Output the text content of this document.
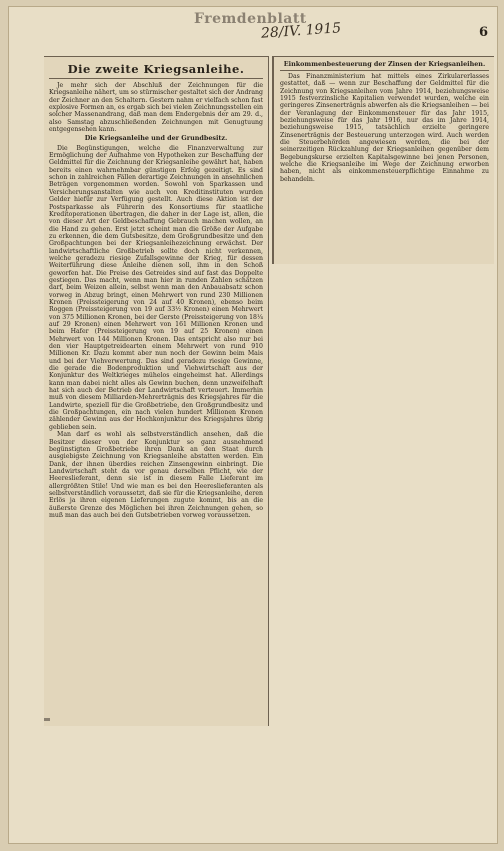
Fremdenblatt
28/IV. 1915	6
Die zweite Kriegsanleihe.

Je mehr sich der Abschluß der Zeichnungen für die Kriegsanleihe nähert, um so stürmischer gestaltet sich der Andrang der Zeichner an den Schaltern. Gestern nahm er vielfach schon fast explosive Formen an, es ergab sich bei vielen Zeichnungsstellen ein solcher Massenandrang, daß man dem Endergebnis der am 29. d., also Samstag abzuschließenden Zeichnungen mit Genugtuung entgegensehen kann.

Die Kriegsanleihe und der Grundbesitz.

Die Begünstigungen, welche die Finanzverwaltung zur Ermöglichung der Aufnahme von Hypotheken zur Beschaffung der Geldmittel für die Zeichnung der Kriegsanleihe gewährt hat, haben bereits einen wahrnehmbar günstigen Erfolg gezeitigt. Es sind schon in zahlreichen Fällen derartige Zeichnungen in ansehnlichen Beträgen vorgenommen worden. Sowohl von Sparkassen und Versicherungsanstalten wie auch von Kreditinstituten wurden Gelder hiefür zur Verfügung gestellt. Auch diese Aktion ist der Postsparkasse als Führerin des Konsortiums für staatliche Kreditoperationen übertragen, die daher in der Lage ist, allen, die von dieser Art der Geldbeschaffung Gebrauch machen wollen, an die Hand zu gehen. Erst jetzt scheint man die Größe der Aufgabe zu erkennen, die dem Gutsbesitze, dem Großgrundbesitze und den Großpachtungen bei der Kriegsanleihezeichnung erwächst. Der landwirtschaftliche Großbetrieb sollte doch nicht verkennen, welche geradezu riesige Zufallsgewinne der Krieg, für dessen Weiterführung diese Anleihe dienen soll, ihm in den Schoß geworfen hat. Die Preise des Getreides sind auf fast das Doppelte gestiegen. Das macht, wenn man hier in runden Zahlen schätzen darf, beim Weizen allein, selbst wenn man den Anbauabsatz schon vorweg in Abzug bringt, einen Mehrwert von rund 230 Millionen Kronen (Preissteigerung von 24 auf 40 Kronen), ebenso beim Roggen (Preissteigerung von 19 auf 33½ Kronen) einen Mehrwert von 375 Millionen Kronen, bei der Gerste (Preissteigerung von 18¼ auf 29 Kronen) einen Mehrwert von 161 Millionen Kronen und beim Hafer (Preissteigerung von 19 auf 25 Kronen) einen Mehrwert von 144 Millionen Kronen. Das entspricht also nur bei den vier Hauptgetreidearten einem Mehrwert von rund 910 Millionen Kr. Dazu kommt aber nun noch der Gewinn beim Mais und bei der Viehverwertung. Das sind geradezu riesige Gewinne, die gerade die Bodenproduktion und Viehwirtschaft aus der Konjunktur des Weltkrieges mühelos eingeheimst hat. Allerdings kann man dabei nicht alles als Gewinn buchen, denn unzweifelhaft hat sich auch der Betrieb der Landwirtschaft verteuert. Immerhin muß von diesem Milliarden-Mehrerträgnis des Kriegsjahres für die Landwirte, speziell für die Großbetriebe, den Großgrundbesitz und die Großpachtungen, ein nach vielen hundert Millionen Kronen zählender Gewinn aus der Hochkonjunktur des Kriegsjahres übrig geblieben sein.

Man darf es wohl als selbstverständlich ansehen, daß die Besitzer dieser von der Konjunktur so ganz ausnehmend begünstigten Großbetriebe ihren Dank an den Staat durch ausgiebigste Zeichnung von Kriegsanleihe abstatten werden. Ein Dank, der ihnen überdies reichen Zinsengewinn einbringt. Die Landwirtschaft steht da vor genau derselben Pflicht, wie der Heereslieferant, denn sie ist in diesem Falle Lieferant im allergrößten Stile! Und wie man es bei den Heereslieferanten als selbstverständlich voraussetzt, daß sie für die Kriegsanleihe, deren Erlös ja ihren eigenen Lieferungen zugute kommt, bis an die äußerste Grenze des Möglichen bei ihren Zeichnungen gehen, so muß man das auch bei den Gutsbetrieben vorweg voraussetzen.

Einkommenbesteuerung der Zinsen der Kriegsanleihen.

Das Finanzministerium hat mittels eines Zirkularerlasses gestattet, daß — wenn zur Beschaffung der Geldmittel für die Zeichnung von Kriegsanleihen vom Jahre 1914, beziehungsweise 1915 festverzinsliche Kapitalien verwendet wurden, welche ein geringeres Zinsenerträgnis abwerfen als die Kriegsanleihen — bei der Veranlagung der Einkommensteuer für das Jahr 1915, beziehungsweise für das Jahr 1916, nur das im Jahre 1914, beziehungsweise 1915, tatsächlich erzielte geringere Zinsenerträgnis der Besteuerung unterzogen wird. Auch werden die Steuerbehörden angewiesen werden, die bei der seinerzeitigen Rückzahlung der Kriegsanleihen gegenüber dem Begebungskurse erzielten Kapitalsgewinne bei jenen Personen, welche die Kriegsanleihe im Wege der Zeichnung erworben haben, nicht als einkommensteuerpflichtige Einnahme zu behandeln.
